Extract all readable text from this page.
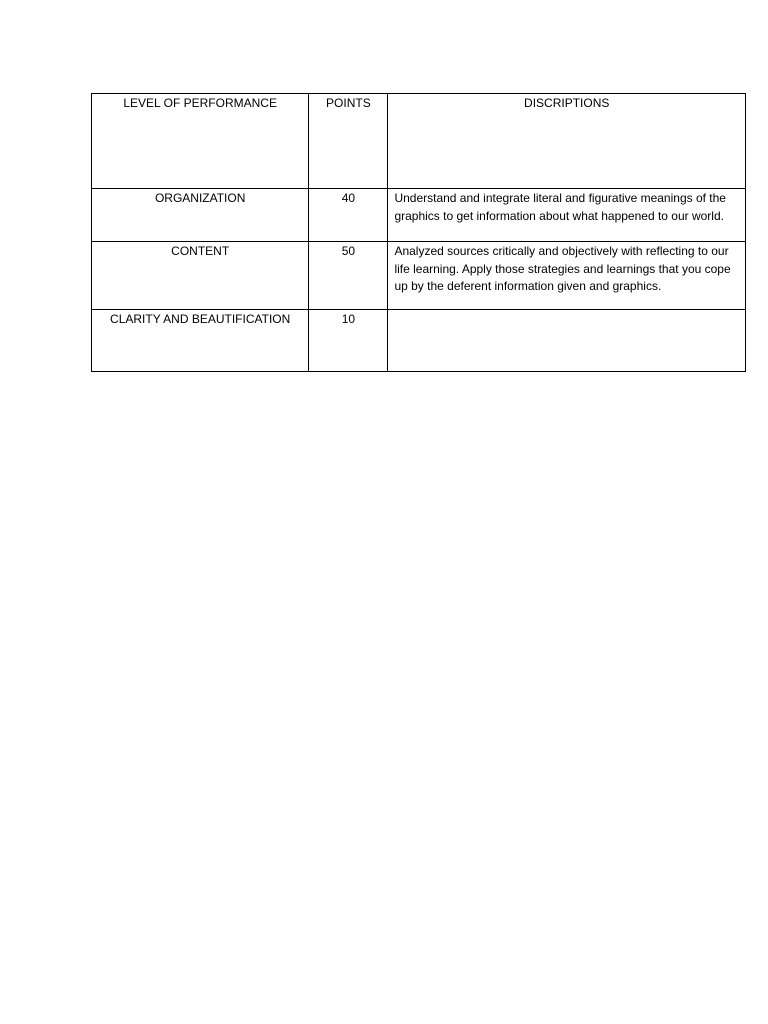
LEVEL OF PERFORMANCE	POINTS	DISCRIPTIONS
ORGANIZATION	40	Understand and integrate literal and figurative meanings of the graphics to get information about what happened to our world.
CONTENT	50	Analyzed sources critically and objectively with reflecting to our life learning. Apply those strategies and learnings that you cope up by the deferent information given and graphics.
CLARITY AND BEAUTIFICATION	10	
